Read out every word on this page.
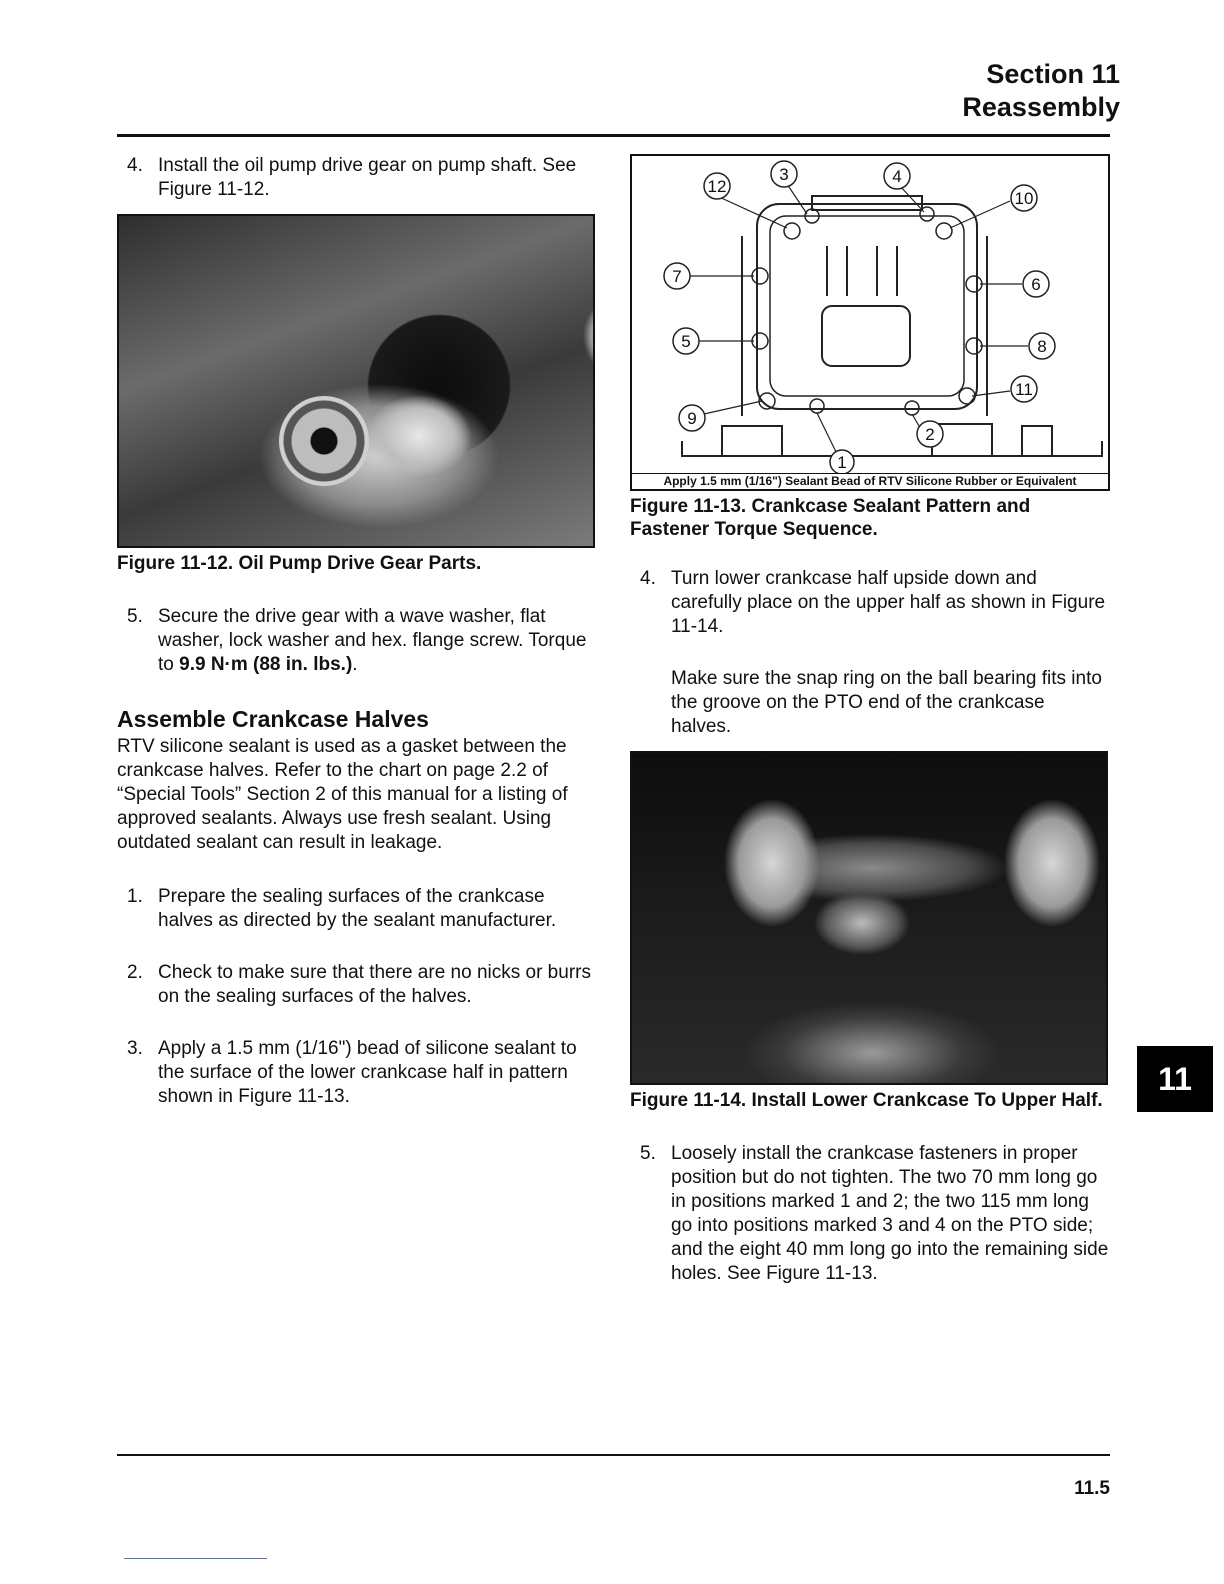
Section 11
Reassembly
4. Install the oil pump drive gear on pump shaft. See Figure 11-12.
Figure 11-12. Oil Pump Drive Gear Parts.
5. Secure the drive gear with a wave washer, flat washer, lock washer and hex. flange screw. Torque to 9.9 N·m (88 in. lbs.).
Assemble Crankcase Halves
RTV silicone sealant is used as a gasket between the crankcase halves. Refer to the chart on page 2.2 of “Special Tools” Section 2 of this manual for a listing of approved sealants. Always use fresh sealant. Using outdated sealant can result in leakage.
1. Prepare the sealing surfaces of the crankcase halves as directed by the sealant manufacturer.
2. Check to make sure that there are no nicks or burrs on the sealing surfaces of the halves.
3. Apply a 1.5 mm (1/16") bead of silicone sealant to the surface of the lower crankcase half in pattern shown in Figure 11-13.
12
3	4
10
7	6
5	8
11
9
2
1
Apply 1.5 mm (1/16") Sealant Bead of RTV Silicone Rubber or Equivalent
Figure 11-13. Crankcase Sealant Pattern and Fastener Torque Sequence.
4. Turn lower crankcase half upside down and carefully place on the upper half as shown in Figure 11-14.
Make sure the snap ring on the ball bearing fits into the groove on the PTO end of the crankcase halves.
Figure 11-14. Install Lower Crankcase To Upper Half.
5. Loosely install the crankcase fasteners in proper position but do not tighten. The two 70 mm long go in positions marked 1 and 2; the two 115 mm long go into positions marked 3 and 4 on the PTO side; and the eight 40 mm long go into the remaining side holes. See Figure 11-13.
11
11.5
